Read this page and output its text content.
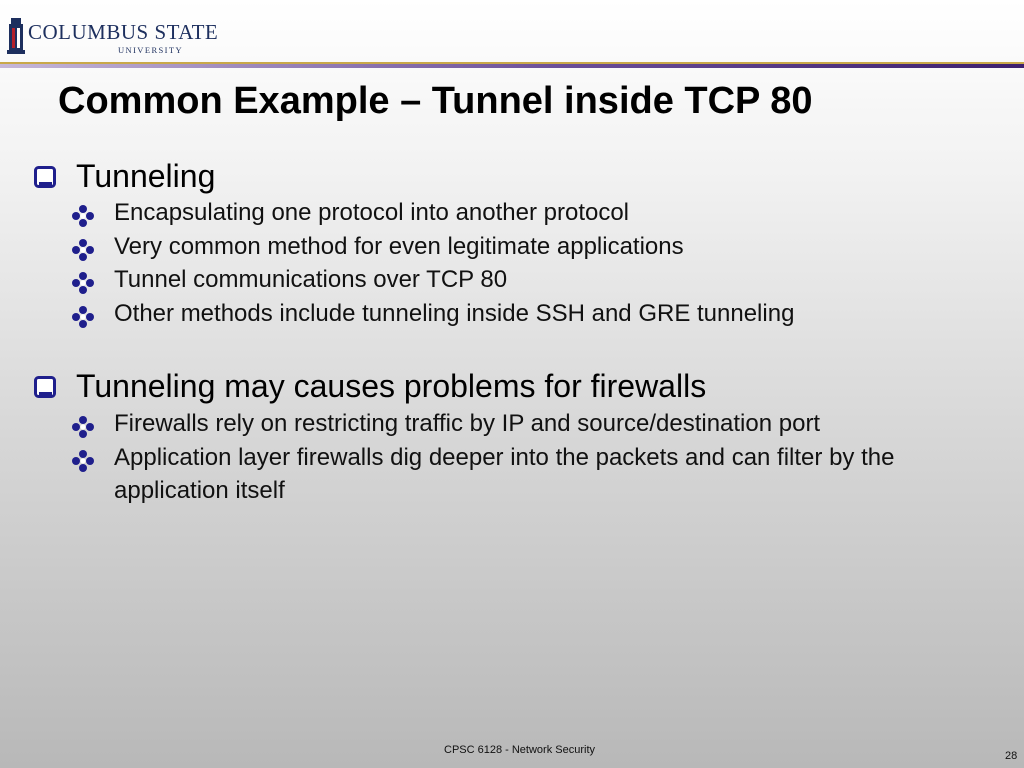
COLUMBUS STATE
UNIVERSITY
Common Example – Tunnel inside TCP 80
Tunneling
Encapsulating one protocol into another protocol
Very common method for even legitimate applications
Tunnel communications over TCP 80
Other methods include tunneling inside SSH and GRE tunneling
Tunneling may causes problems for firewalls
Firewalls rely on restricting traffic by IP and source/destination port
Application layer firewalls dig deeper into the packets and can filter by the application itself
CPSC 6128 - Network Security	28
